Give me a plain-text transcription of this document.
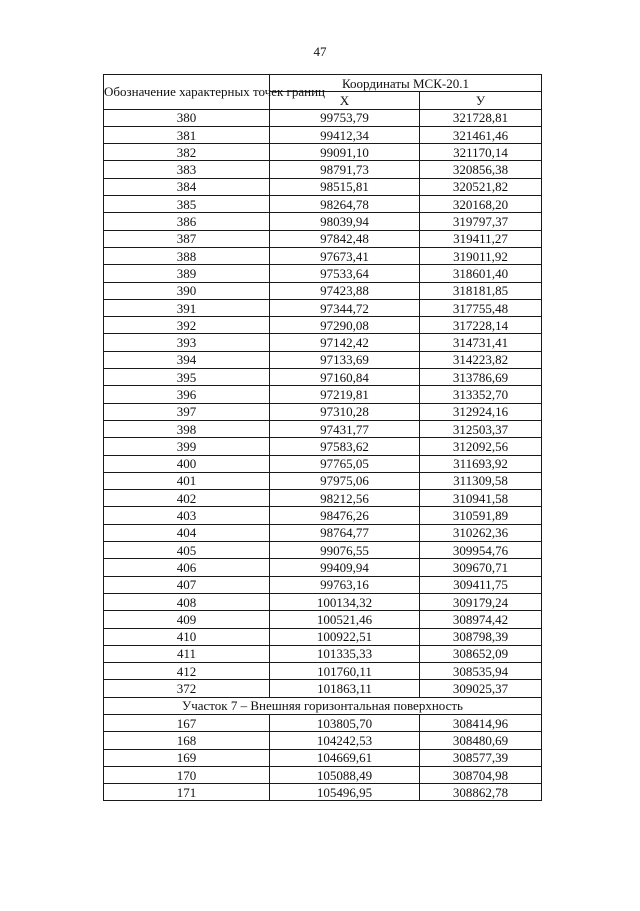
47
Обозначение характерных точек границ	Координаты МСК-20.1	
	Х	У
380	99753,79	321728,81
381	99412,34	321461,46
382	99091,10	321170,14
383	98791,73	320856,38
384	98515,81	320521,82
385	98264,78	320168,20
386	98039,94	319797,37
387	97842,48	319411,27
388	97673,41	319011,92
389	97533,64	318601,40
390	97423,88	318181,85
391	97344,72	317755,48
392	97290,08	317228,14
393	97142,42	314731,41
394	97133,69	314223,82
395	97160,84	313786,69
396	97219,81	313352,70
397	97310,28	312924,16
398	97431,77	312503,37
399	97583,62	312092,56
400	97765,05	311693,92
401	97975,06	311309,58
402	98212,56	310941,58
403	98476,26	310591,89
404	98764,77	310262,36
405	99076,55	309954,76
406	99409,94	309670,71
407	99763,16	309411,75
408	100134,32	309179,24
409	100521,46	308974,42
410	100922,51	308798,39
411	101335,33	308652,09
412	101760,11	308535,94
372	101863,11	309025,37
Участок 7 – Внешняя горизонтальная поверхность		
167	103805,70	308414,96
168	104242,53	308480,69
169	104669,61	308577,39
170	105088,49	308704,98
171	105496,95	308862,78
